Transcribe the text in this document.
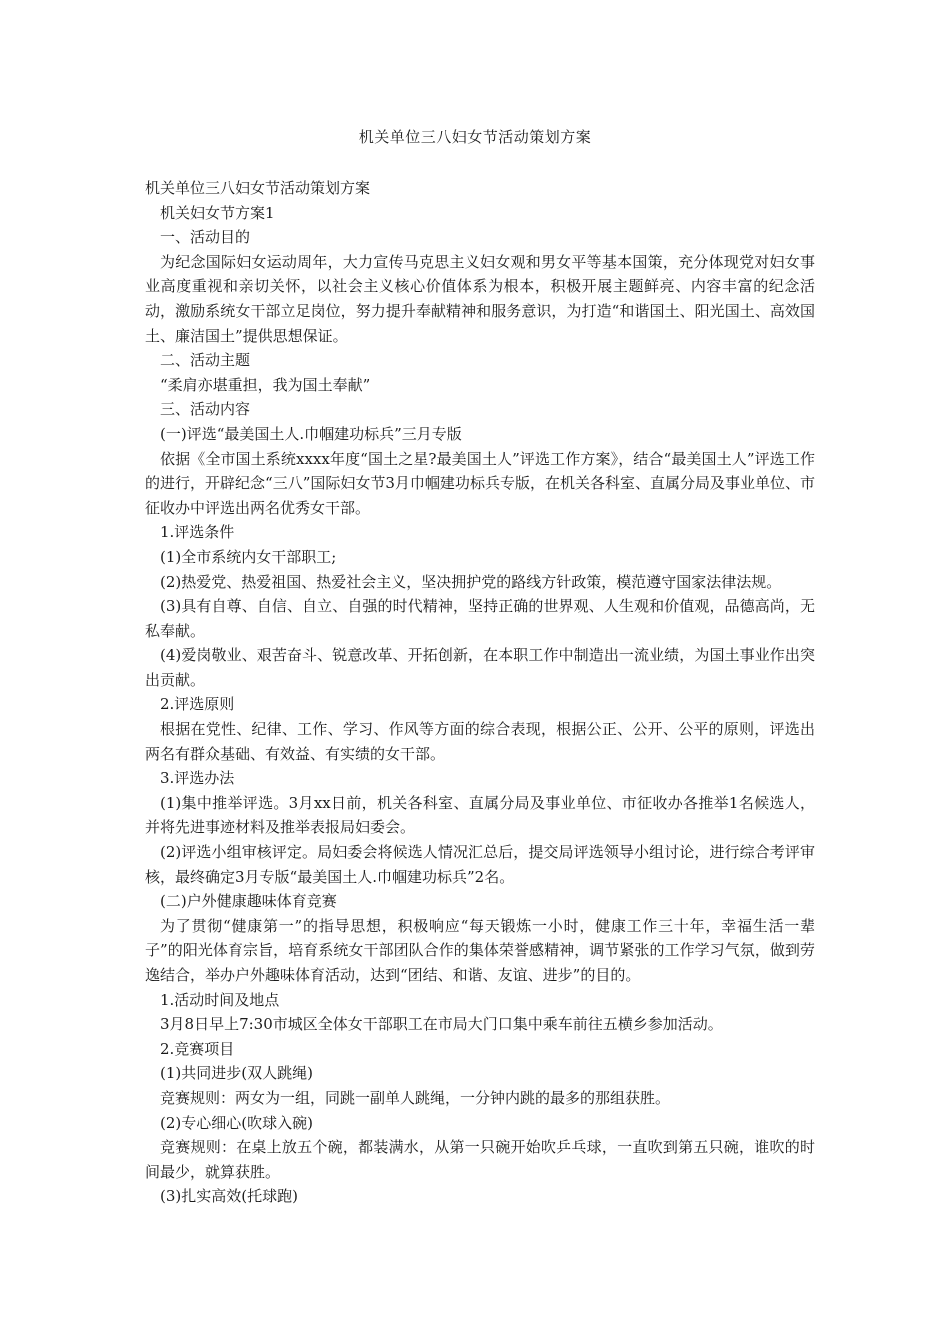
机关单位三八妇女节活动策划方案

机关单位三八妇女节活动策划方案

机关妇女节方案1

一、活动目的

为纪念国际妇女运动周年，大力宣传马克思主义妇女观和男女平等基本国策，充分体现党对妇女事业高度重视和亲切关怀，以社会主义核心价值体系为根本，积极开展主题鲜亮、内容丰富的纪念活动，激励系统女干部立足岗位，努力提升奉献精神和服务意识，为打造“和谐国土、阳光国土、高效国土、廉洁国土”提供思想保证。

二、活动主题

“柔肩亦堪重担，我为国土奉献”

三、活动内容

(一)评选“最美国土人.巾帼建功标兵”三月专版

依据《全市国土系统xxxx年度“国土之星?最美国土人”评选工作方案》，结合“最美国土人”评选工作的进行，开辟纪念“三八”国际妇女节3月巾帼建功标兵专版，在机关各科室、直属分局及事业单位、市征收办中评选出两名优秀女干部。

1.评选条件

(1)全市系统内女干部职工;

(2)热爱党、热爱祖国、热爱社会主义，坚决拥护党的路线方针政策，模范遵守国家法律法规。

(3)具有自尊、自信、自立、自强的时代精神，坚持正确的世界观、人生观和价值观，品德高尚，无私奉献。

(4)爱岗敬业、艰苦奋斗、锐意改革、开拓创新，在本职工作中制造出一流业绩，为国土事业作出突出贡献。

2.评选原则

根据在党性、纪律、工作、学习、作风等方面的综合表现，根据公正、公开、公平的原则，评选出两名有群众基础、有效益、有实绩的女干部。

3.评选办法

(1)集中推举评选。3月xx日前，机关各科室、直属分局及事业单位、市征收办各推举1名候选人，并将先进事迹材料及推举表报局妇委会。

(2)评选小组审核评定。局妇委会将候选人情况汇总后，提交局评选领导小组讨论，进行综合考评审核，最终确定3月专版“最美国土人.巾帼建功标兵”2名。

(二)户外健康趣味体育竞赛

为了贯彻“健康第一”的指导思想，积极响应“每天锻炼一小时，健康工作三十年，幸福生活一辈子”的阳光体育宗旨，培育系统女干部团队合作的集体荣誉感精神，调节紧张的工作学习气氛，做到劳逸结合，举办户外趣味体育活动，达到“团结、和谐、友谊、进步”的目的。

1.活动时间及地点

3月8日早上7:30市城区全体女干部职工在市局大门口集中乘车前往五横乡参加活动。

2.竞赛项目

(1)共同进步(双人跳绳)

竞赛规则：两女为一组，同跳一副单人跳绳，一分钟内跳的最多的那组获胜。

(2)专心细心(吹球入碗)

竞赛规则：在桌上放五个碗，都装满水，从第一只碗开始吹乒乓球，一直吹到第五只碗，谁吹的时间最少，就算获胜。

(3)扎实高效(托球跑)
